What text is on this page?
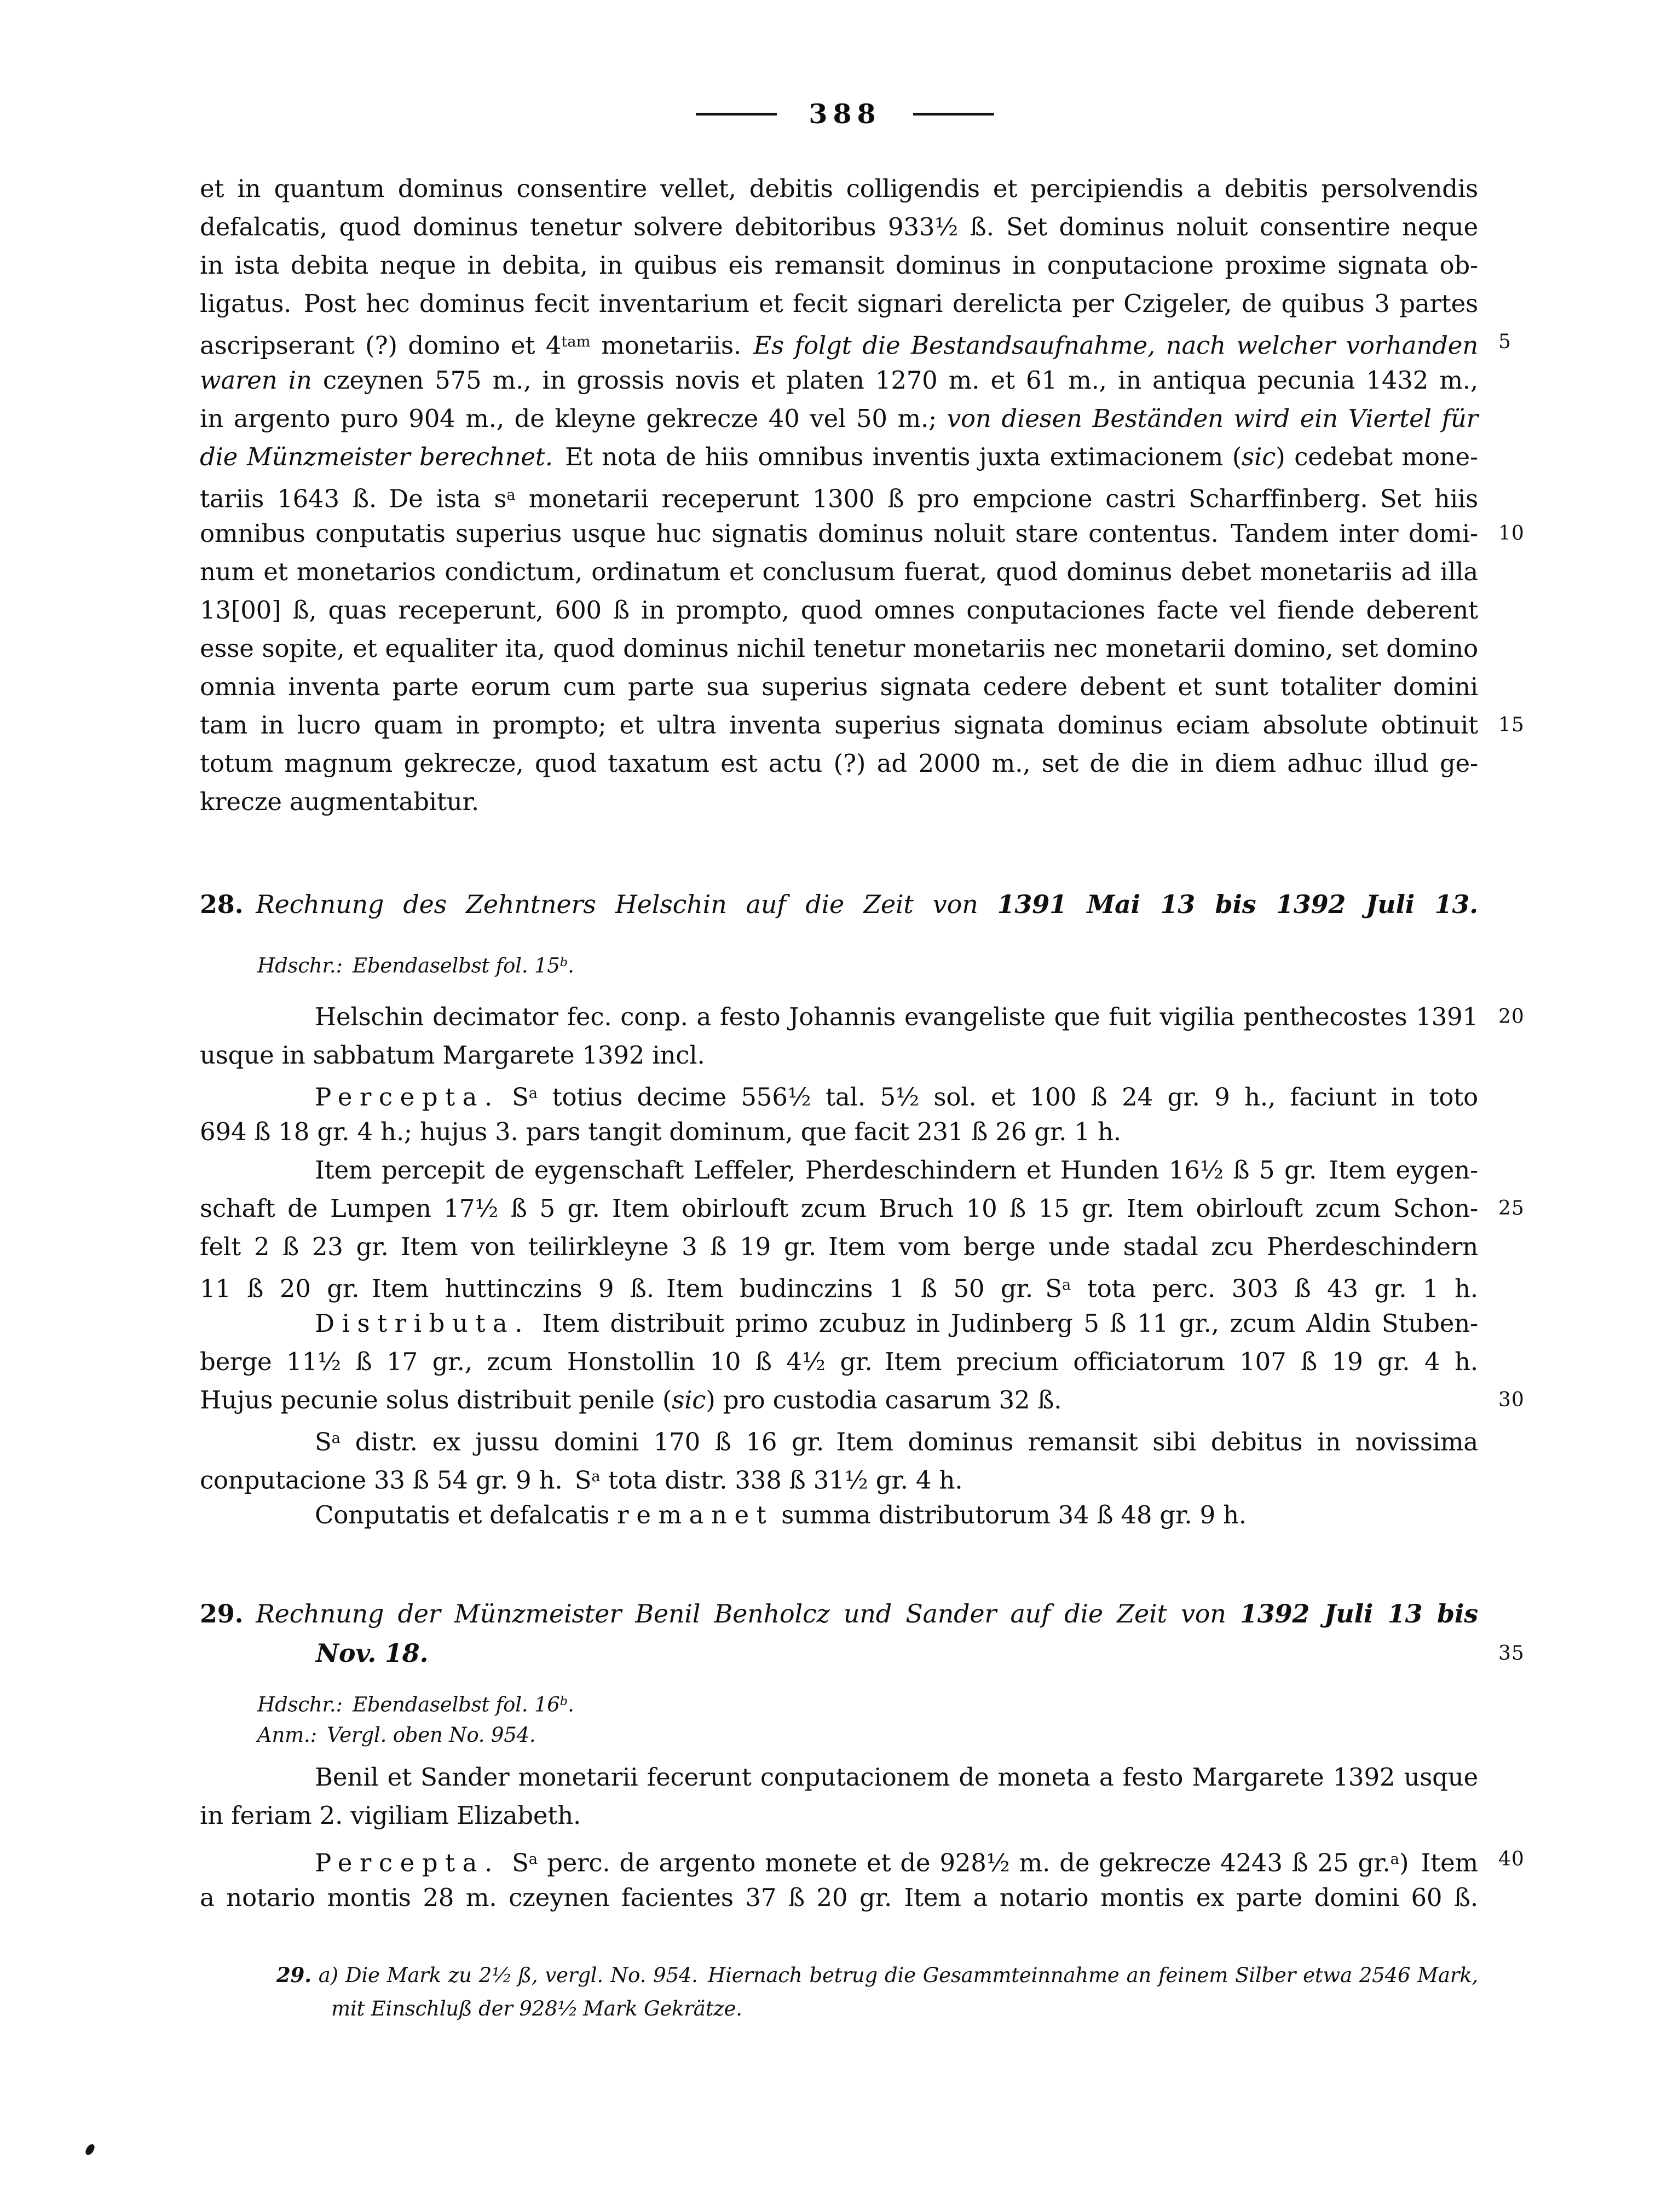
388
et in quantum dominus consentire vellet, debitis colligendis et percipiendis a debitis persolvendis
defalcatis, quod dominus tenetur solvere debitoribus 933¹⁄₂ ß. Set dominus noluit consentire neque
in ista debita neque in debita, in quibus eis remansit dominus in conputacione proxime signata ob-
ligatus. Post hec dominus fecit inventarium et fecit signari derelicta per Czigeler, de quibus 3 partes
ascripserant (?) domino et $4^{tam}$ monetariis. Es folgt die Bestandsaufnahme, nach welcher vorhanden 5
waren in czeynen 575 m., in grossis novis et platen 1270 m. et 61 m., in antiqua pecunia 1432 m.,
in argento puro 904 m., de kleyne gekrecze 40 vel 50 m.; von diesen Beständen wird ein Viertel für
die Münzmeister berechnet. Et nota de hiis omnibus inventis juxta extimacionem (sic) cedebat mone-
tariis 1643 ß. De ista $s^a$ monetarii receperunt 1300 ß pro empcione castri Scharffinberg. Set hiis
omnibus conputatis superius usque huc signatis dominus noluit stare contentus. Tandem inter domi- 10
num et monetarios condictum, ordinatum et conclusum fuerat, quod dominus debet monetariis ad illa
13[00] ß, quas receperunt, 600 ß in prompto, quod omnes conputaciones facte vel fiende deberent
esse sopite, et equaliter ita, quod dominus nichil tenetur monetariis nec monetarii domino, set domino
omnia inventa parte eorum cum parte sua superius signata cedere debent et sunt totaliter domini
tam in lucro quam in prompto; et ultra inventa superius signata dominus eciam absolute obtinuit 15
totum magnum gekrecze, quod taxatum est actu (?) ad 2000 m., set de die in diem adhuc illud ge-
krecze augmentabitur.
28.  Rechnung des Zehntners Helschin auf die Zeit von 1391 Mai 13 bis 1392 Juli 13.
Hdschr.: Ebendaselbst fol. 15$^b$.
Helschin decimator fec. conp. a festo Johannis evangeliste que fuit vigilia penthecostes 1391 20
usque in sabbatum Margarete 1392 incl.
Percepta. $S^a$ totius decime 556¹⁄₂ tal. 5¹⁄₂ sol. et 100 ß 24 gr. 9 h., faciunt in toto
694 ß 18 gr. 4 h.; hujus 3. pars tangit dominum, que facit 231 ß 26 gr. 1 h.
Item percepit de eygenschaft Leffeler, Pherdeschindern et Hunden 16¹⁄₂ ß 5 gr. Item eygen-
schaft de Lumpen 17¹⁄₂ ß 5 gr. Item obirlouft zcum Bruch 10 ß 15 gr. Item obirlouft zcum Schon- 25
felt 2 ß 23 gr. Item von teilirkleyne 3 ß 19 gr. Item vom berge unde stadal zcu Pherdeschindern
11 ß 20 gr. Item huttinczins 9 ß. Item budinczins 1 ß 50 gr. $S^a$ tota perc. 303 ß 43 gr. 1 h.
Distributa. Item distribuit primo zcubuz in Judinberg 5 ß 11 gr., zcum Aldin Stuben-
berge 11¹⁄₂ ß 17 gr., zcum Honstollin 10 ß 4¹⁄₂ gr. Item precium officiatorum 107 ß 19 gr. 4 h.
Hujus pecunie solus distribuit penile (sic) pro custodia casarum 32 ß.	30
$S^a$ distr. ex jussu domini 170 ß 16 gr. Item dominus remansit sibi debitus in novissima
conputacione 33 ß 54 gr. 9 h. $S^a$ tota distr. 338 ß 31¹⁄₂ gr. 4 h.
Conputatis et defalcatis remanet summa distributorum 34 ß 48 gr. 9 h.
29.  Rechnung der Münzmeister Benil Benholcz und Sander auf die Zeit von 1392 Juli 13 bis
Nov. 18.	35
Hdschr.: Ebendaselbst fol. 16$^b$.
Anm.: Vergl. oben No. 954.
Benil et Sander monetarii fecerunt conputacionem de moneta a festo Margarete 1392 usque
in feriam 2. vigiliam Elizabeth.
Percepta. $S^a$ perc. de argento monete et de 928¹⁄₂ m. de gekrecze 4243 ß 25 gr.$^a$) Item 40
a notario montis 28 m. czeynen facientes 37 ß 20 gr. Item a notario montis ex parte domini 60 ß.
29. a) Die Mark zu 2¹⁄₂ ß, vergl. No. 954. Hiernach betrug die Gesammteinnahme an feinem Silber etwa 2546 Mark,
mit Einschluß der 928¹⁄₂ Mark Gekrätze.
